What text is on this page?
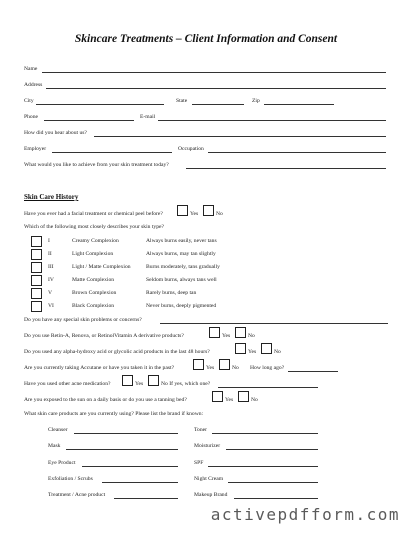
Skincare Treatments – Client Information and Consent
Name
Address
City	State	Zip
Phone	E-mail
How did you hear about us?
Employer	Occupation
What would you like to achieve from your skin treatment today?
Skin Care History
Have you ever had a facial treatment or chemical peel before?	Yes	No
Which of the following most closely describes your skin type?
I	Creamy Complexion	Always burns easily, never tans
II	Light Complexion	Always burns, may tan slightly
III	Light / Matte Complexion	Burns moderately, tans gradually
IV	Matte Complexion	Seldom burns, always tans well
V	Brown Complexion	Rarely burns, deep tan
VI	Black Complexion	Never burns, deeply pigmented
Do you have any special skin problems or concerns?
Do you use Retin-A, Renova, or RetinolVitamin A derivative products?	Yes	No
Do you used any alpha-hydroxy acid or glycolic acid products in the last 48 hours?	Yes	No
Are you currently taking Accutane or have you taken it in the past?	Yes	No How long ago?
Have you used other acne medication?	Yes	No If yes, which one?
Are you exposed to the sun on a daily basis or do you use a tanning bed?	Yes	No
What skin care products are you currently using? Please list the brand if known:
Cleanser	Toner
Mask	Moisturizer
Eye Product	SPF
Exfoliation / Scrubs	Night Cream
Treatment / Acne product	Makeup Brand
activepdfform.com
